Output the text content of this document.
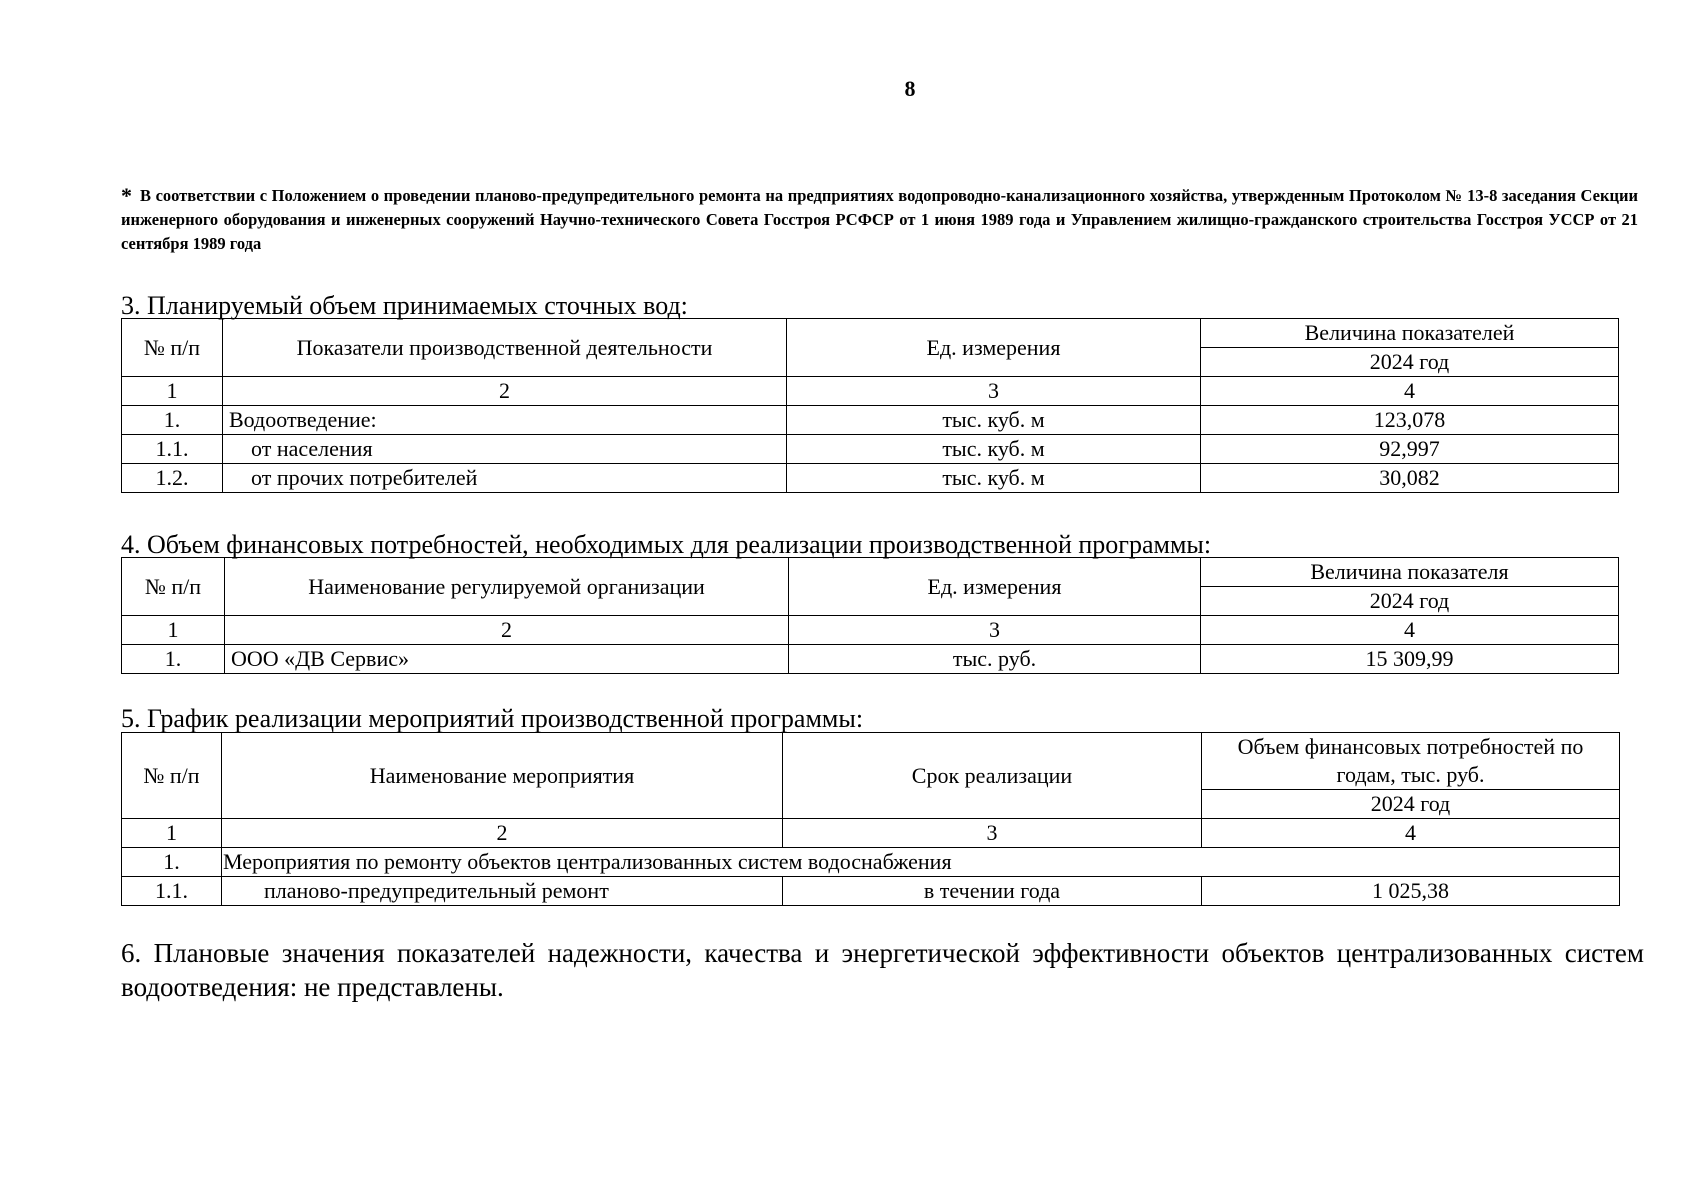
8
* В соответствии с Положением о проведении планово-предупредительного ремонта на предприятиях водопроводно-канализационного хозяйства, утвержденным Протоколом № 13-8 заседания Секции инженерного оборудования и инженерных сооружений Научно-технического Совета Госстроя РСФСР от 1 июня 1989 года и Управлением жилищно-гражданского строительства Госстроя УССР от 21 сентября 1989 года
3. Планируемый объем принимаемых сточных вод:
№ п/п	Показатели производственной деятельности	Ед. измерения	Величина показателей
			2024 год
1	2	3	4
1.	Водоотведение:	тыс. куб. м	123,078
1.1.	от населения	тыс. куб. м	92,997
1.2.	от прочих потребителей	тыс. куб. м	30,082
4. Объем финансовых потребностей, необходимых для реализации производственной программы:
№ п/п	Наименование регулируемой организации	Ед. измерения	Величина показателя
			2024 год
1	2	3	4
1.	ООО «ДВ Сервис»	тыс. руб.	15 309,99
5. График реализации мероприятий производственной программы:
№ п/п	Наименование мероприятия	Срок реализации	Объем финансовых потребностей по годам, тыс. руб.
			2024 год
1	2	3	4
1.	Мероприятия по ремонту объектов централизованных систем водоснабжения		
1.1.	планово-предупредительный ремонт	в течении года	1 025,38
6. Плановые значения показателей надежности, качества и энергетической эффективности объектов централизованных систем водоотведения: не представлены.
